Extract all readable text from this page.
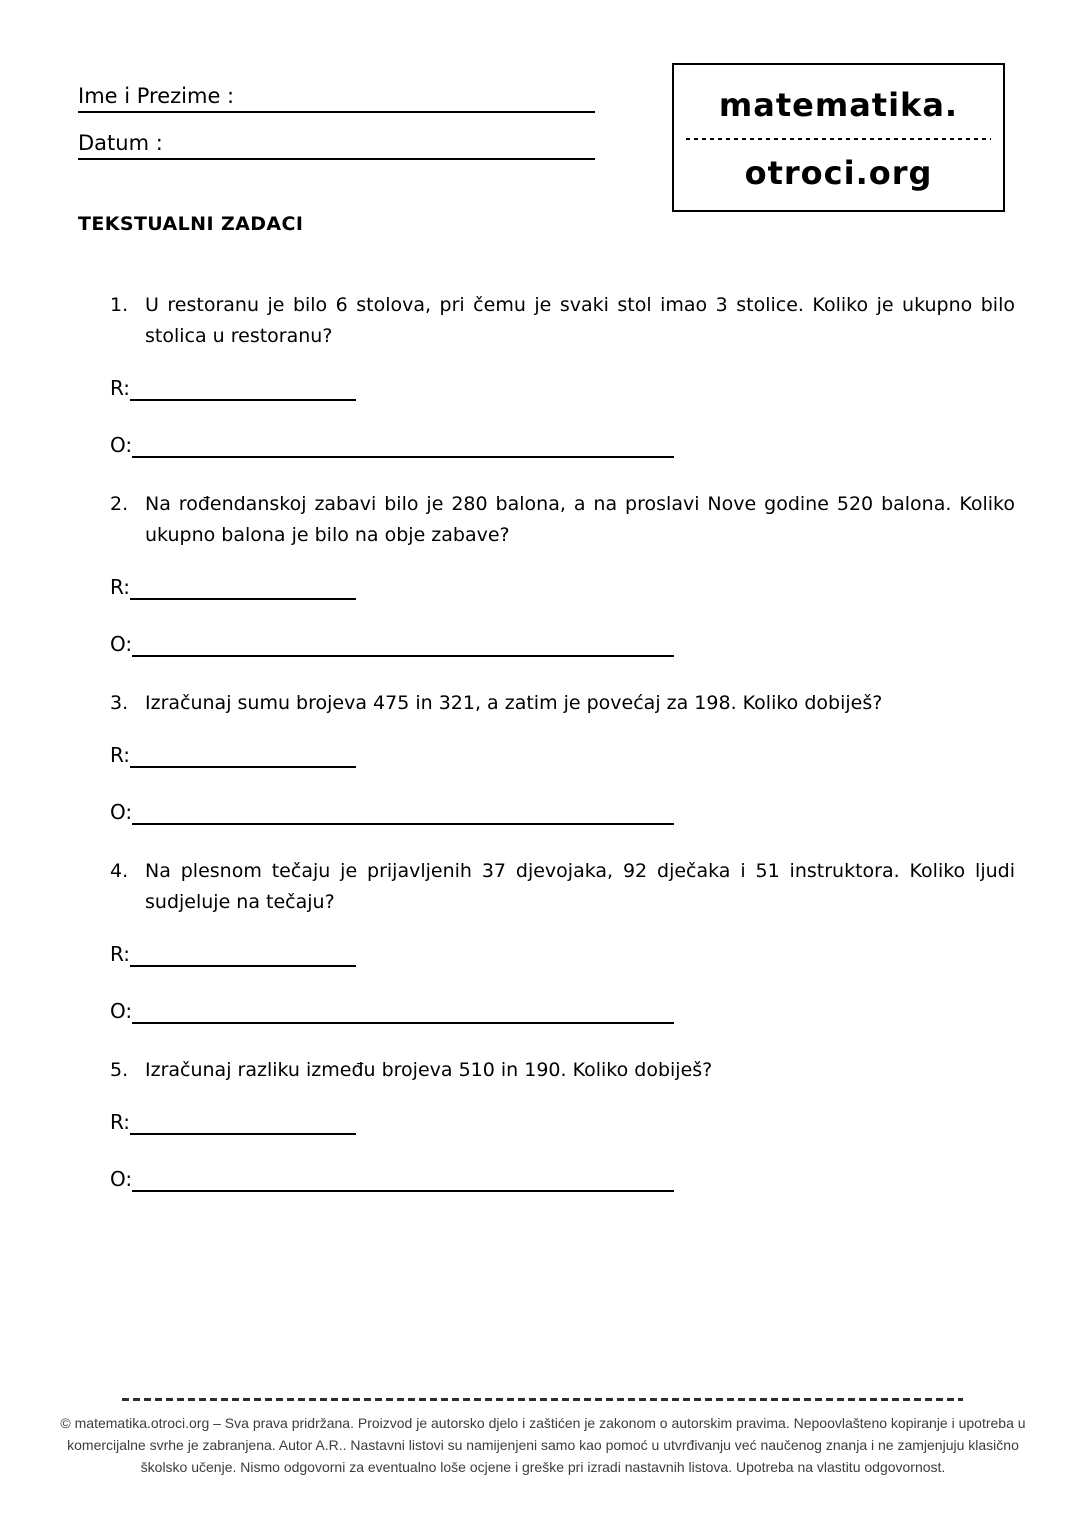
Ime i Prezime :
Datum :
matematika.
otroci.org
TEKSTUALNI ZADACI
1. U restoranu je bilo 6 stolova, pri čemu je svaki stol imao 3 stolice. Koliko je ukupno bilo stolica u restoranu?
R:
O:
2. Na rođendanskoj zabavi bilo je 280 balona, a na proslavi Nove godine 520 balona. Koliko ukupno balona je bilo na obje zabave?
R:
O:
3. Izračunaj sumu brojeva 475 in 321, a zatim je povećaj za 198. Koliko dobiješ?
R:
O:
4. Na plesnom tečaju je prijavljenih 37 djevojaka, 92 dječaka i 51 instruktora. Koliko ljudi sudjeluje na tečaju?
R:
O:
5. Izračunaj razliku između brojeva 510 in 190. Koliko dobiješ?
R:
O:
© matematika.otroci.org – Sva prava pridržana. Proizvod je autorsko djelo i zaštićen je zakonom o autorskim pravima. Nepoovlašteno kopiranje i upotreba u
komercijalne svrhe je zabranjena. Autor A.R.. Nastavni listovi su namijenjeni samo kao pomoć u utvrđivanju već naučenog znanja i ne zamjenjuju klasično
školsko učenje. Nismo odgovorni za eventualno loše ocjene i greške pri izradi nastavnih listova. Upotreba na vlastitu odgovornost.
